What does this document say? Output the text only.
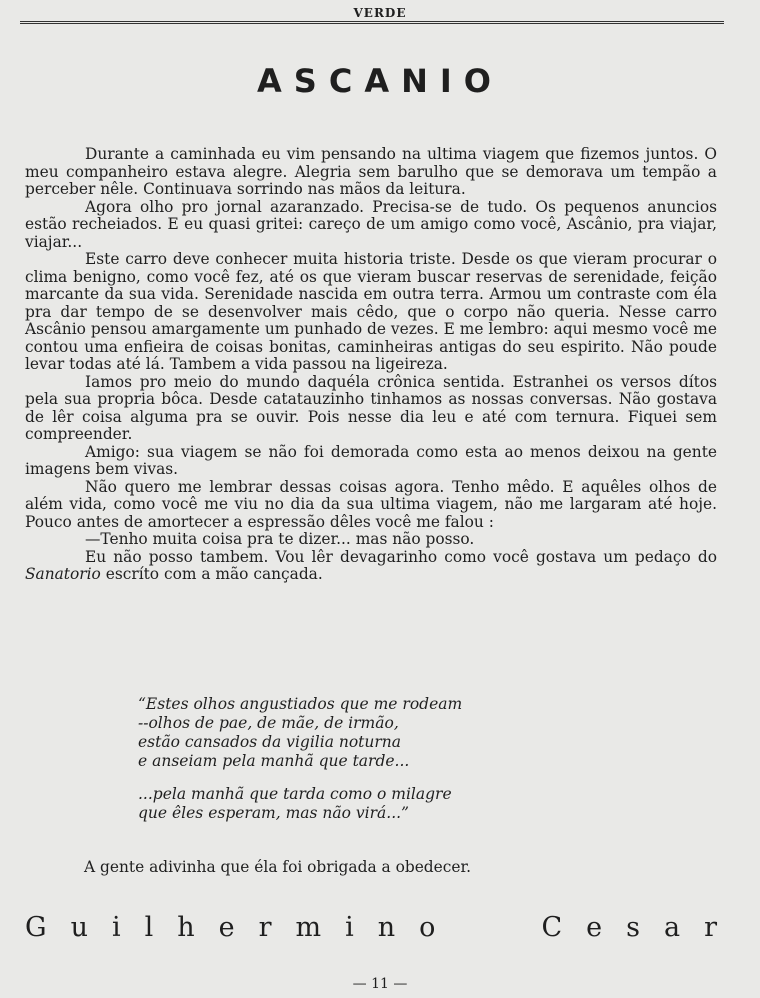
VERDE
ASCANIO

Durante a caminhada eu vim pensando na ultima viagem que fizemos juntos. O meu companheiro estava alegre. Alegria sem barulho que se demorava um tempão a perceber nêle. Continuava sorrindo nas mãos da leitura.

Agora olho pro jornal azaranzado. Precisa-se de tudo. Os pequenos anuncios estão recheiados. E eu quasi gritei: careço de um amigo como você, Ascânio, pra viajar, viajar...

Este carro deve conhecer muita historia triste. Desde os que vieram procurar o clima benigno, como você fez, até os que vieram buscar reservas de serenidade, feição marcante da sua vida. Serenidade nascida em outra terra. Armou um contraste com éla pra dar tempo de se desenvolver mais cêdo, que o corpo não queria. Nesse carro Ascânio pensou amargamente um punhado de vezes. E me lembro: aqui mesmo você me contou uma enfieira de coisas bonitas, caminheiras antigas do seu espirito. Não poude levar todas até lá. Tambem a vida passou na ligeireza.

Iamos pro meio do mundo daquéla crônica sentida. Estranhei os versos dítos pela sua propria bôca. Desde catatauzinho tinhamos as nossas conversas. Não gostava de lêr coisa alguma pra se ouvir. Pois nesse dia leu e até com ternura. Fiquei sem compreender.

Amigo: sua viagem se não foi demorada como esta ao menos deixou na gente imagens bem vivas.

Não quero me lembrar dessas coisas agora. Tenho mêdo. E aquêles olhos de além vida, como você me viu no dia da sua ultima viagem, não me largaram até hoje. Pouco antes de amortecer a espressão dêles você me falou :

—Tenho muita coisa pra te dizer... mas não posso.

Eu não posso tambem. Vou lêr devagarinho como você gostava um pedaço do Sanatorio escríto com a mão cançada.

“Estes olhos angustiados que me rodeam
--olhos de pae, de mãe, de irmão,
estão cansados da vigilia noturna
e anseiam pela manhã que tarde...
...pela manhã que tarda como o milagre
que êles esperam, mas não virá...”
A gente adivinha que éla foi obrigada a obedecer.
Guilhermino	Cesar
— 11 —
